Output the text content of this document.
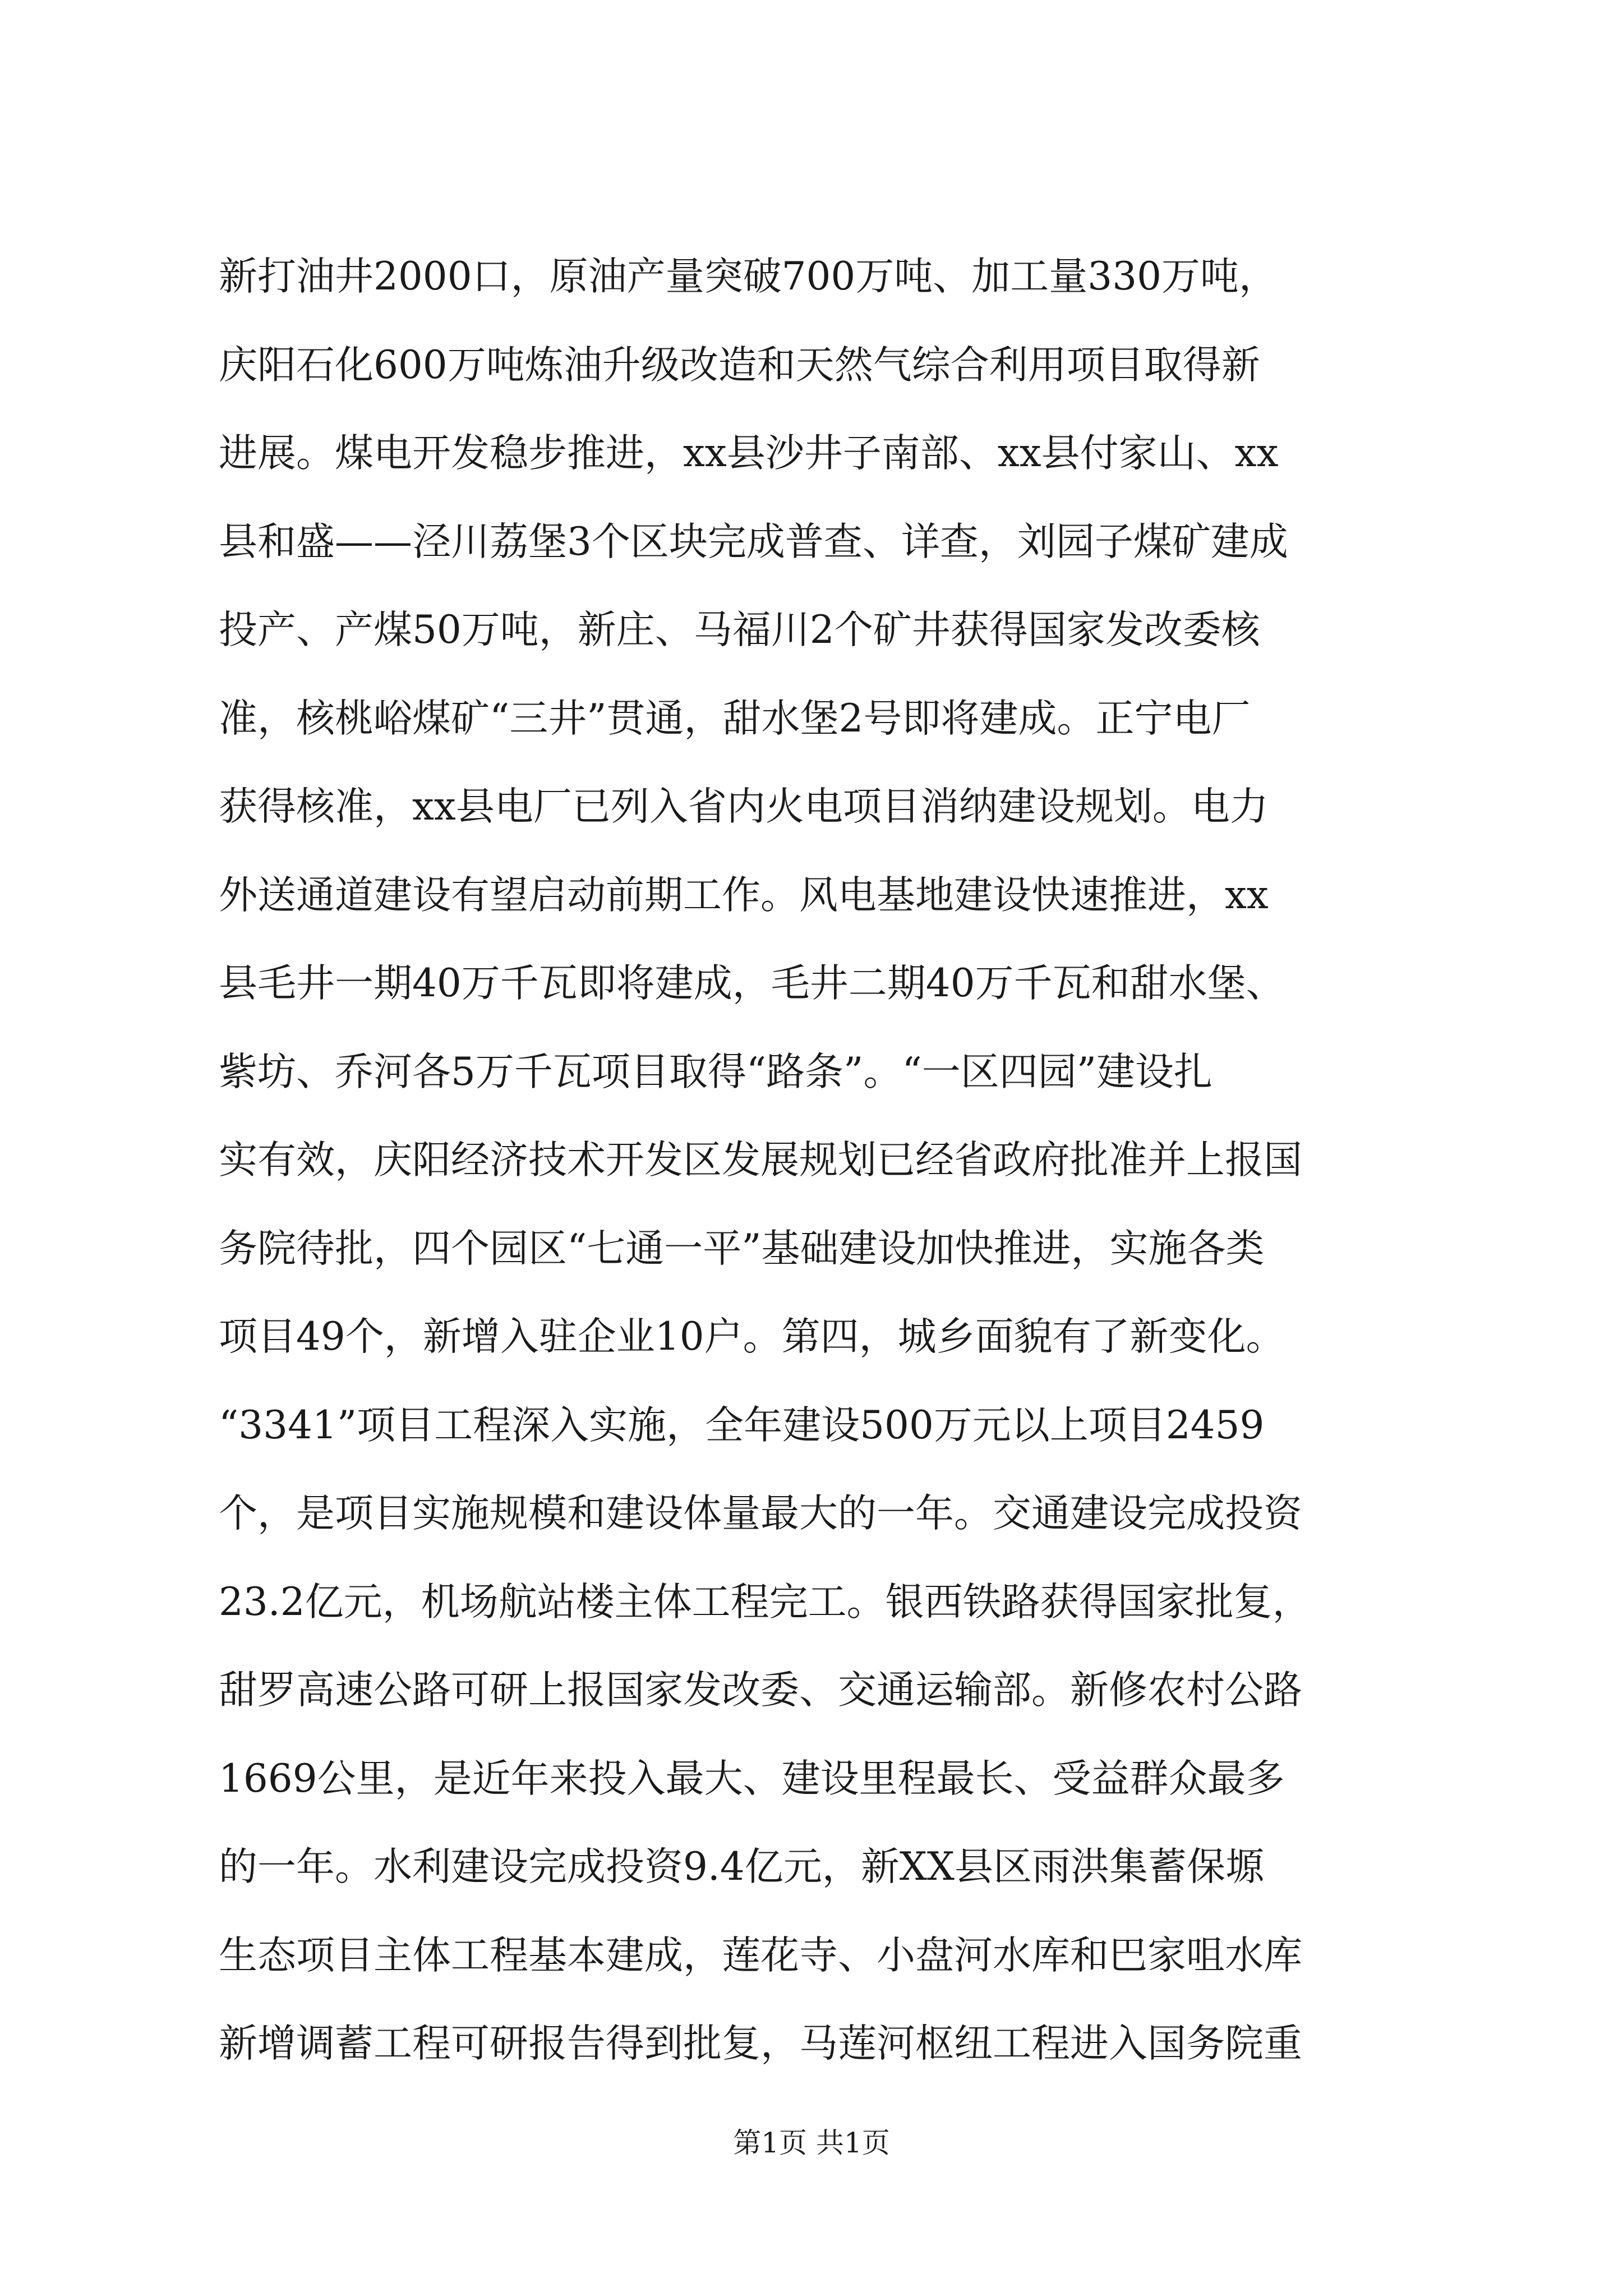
新打油井2000口，原油产量突破700万吨、加工量330万吨，
庆阳石化600万吨炼油升级改造和天然气综合利用项目取得新
进展。煤电开发稳步推进，xx县沙井子南部、xx县付家山、xx
县和盛——泾川荔堡3个区块完成普查、详查，刘园子煤矿建成
投产、产煤50万吨，新庄、马福川2个矿井获得国家发改委核
准，核桃峪煤矿“三井”贯通，甜水堡2号即将建成。正宁电厂
获得核准，xx县电厂已列入省内火电项目消纳建设规划。电力
外送通道建设有望启动前期工作。风电基地建设快速推进，xx
县毛井一期40万千瓦即将建成，毛井二期40万千瓦和甜水堡、
紫坊、乔河各5万千瓦项目取得“路条”。“一区四园”建设扎
实有效，庆阳经济技术开发区发展规划已经省政府批准并上报国
务院待批，四个园区“七通一平”基础建设加快推进，实施各类
项目49个，新增入驻企业10户。第四，城乡面貌有了新变化。
“3341”项目工程深入实施，全年建设500万元以上项目2459
个，是项目实施规模和建设体量最大的一年。交通建设完成投资
23.2亿元，机场航站楼主体工程完工。银西铁路获得国家批复，
甜罗高速公路可研上报国家发改委、交通运输部。新修农村公路
1669公里，是近年来投入最大、建设里程最长、受益群众最多
的一年。水利建设完成投资9.4亿元，新XX县区雨洪集蓄保塬
生态项目主体工程基本建成，莲花寺、小盘河水库和巴家咀水库
新增调蓄工程可研报告得到批复，马莲河枢纽工程进入国务院重
第1页 共1页
